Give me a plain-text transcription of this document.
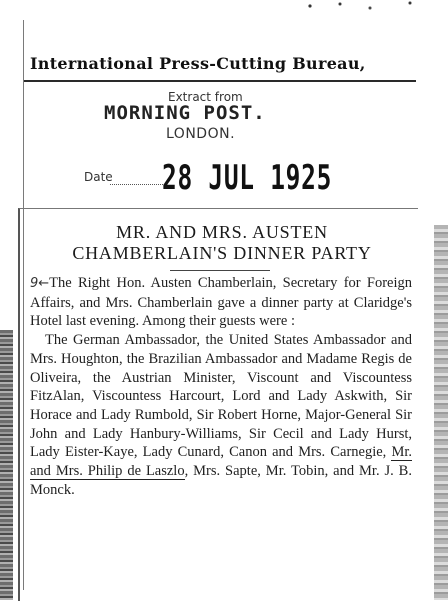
International Press-Cutting Bureau,
Extract from
MORNING POST.
LONDON.
Date 28 JUL 1925
MR. AND MRS. AUSTEN
CHAMBERLAIN'S DINNER PARTY

9←The Right Hon. Austen Chamberlain, Secretary for Foreign Affairs, and Mrs. Chamberlain gave a dinner party at Claridge's Hotel last evening. Among their guests were :

The German Ambassador, the United States Ambassador and Mrs. Houghton, the Brazilian Ambassador and Madame Regis de Oliveira, the Austrian Minister, Viscount and Viscountess FitzAlan, Viscountess Harcourt, Lord and Lady Askwith, Sir Horace and Lady Rumbold, Sir Robert Horne, Major-General Sir John and Lady Hanbury-Williams, Sir Cecil and Lady Hurst, Lady Eister-Kaye, Lady Cunard, Canon and Mrs. Carnegie, Mr. and Mrs. Philip de Laszlo, Mrs. Sapte, Mr. Tobin, and Mr. J. B. Monck.
